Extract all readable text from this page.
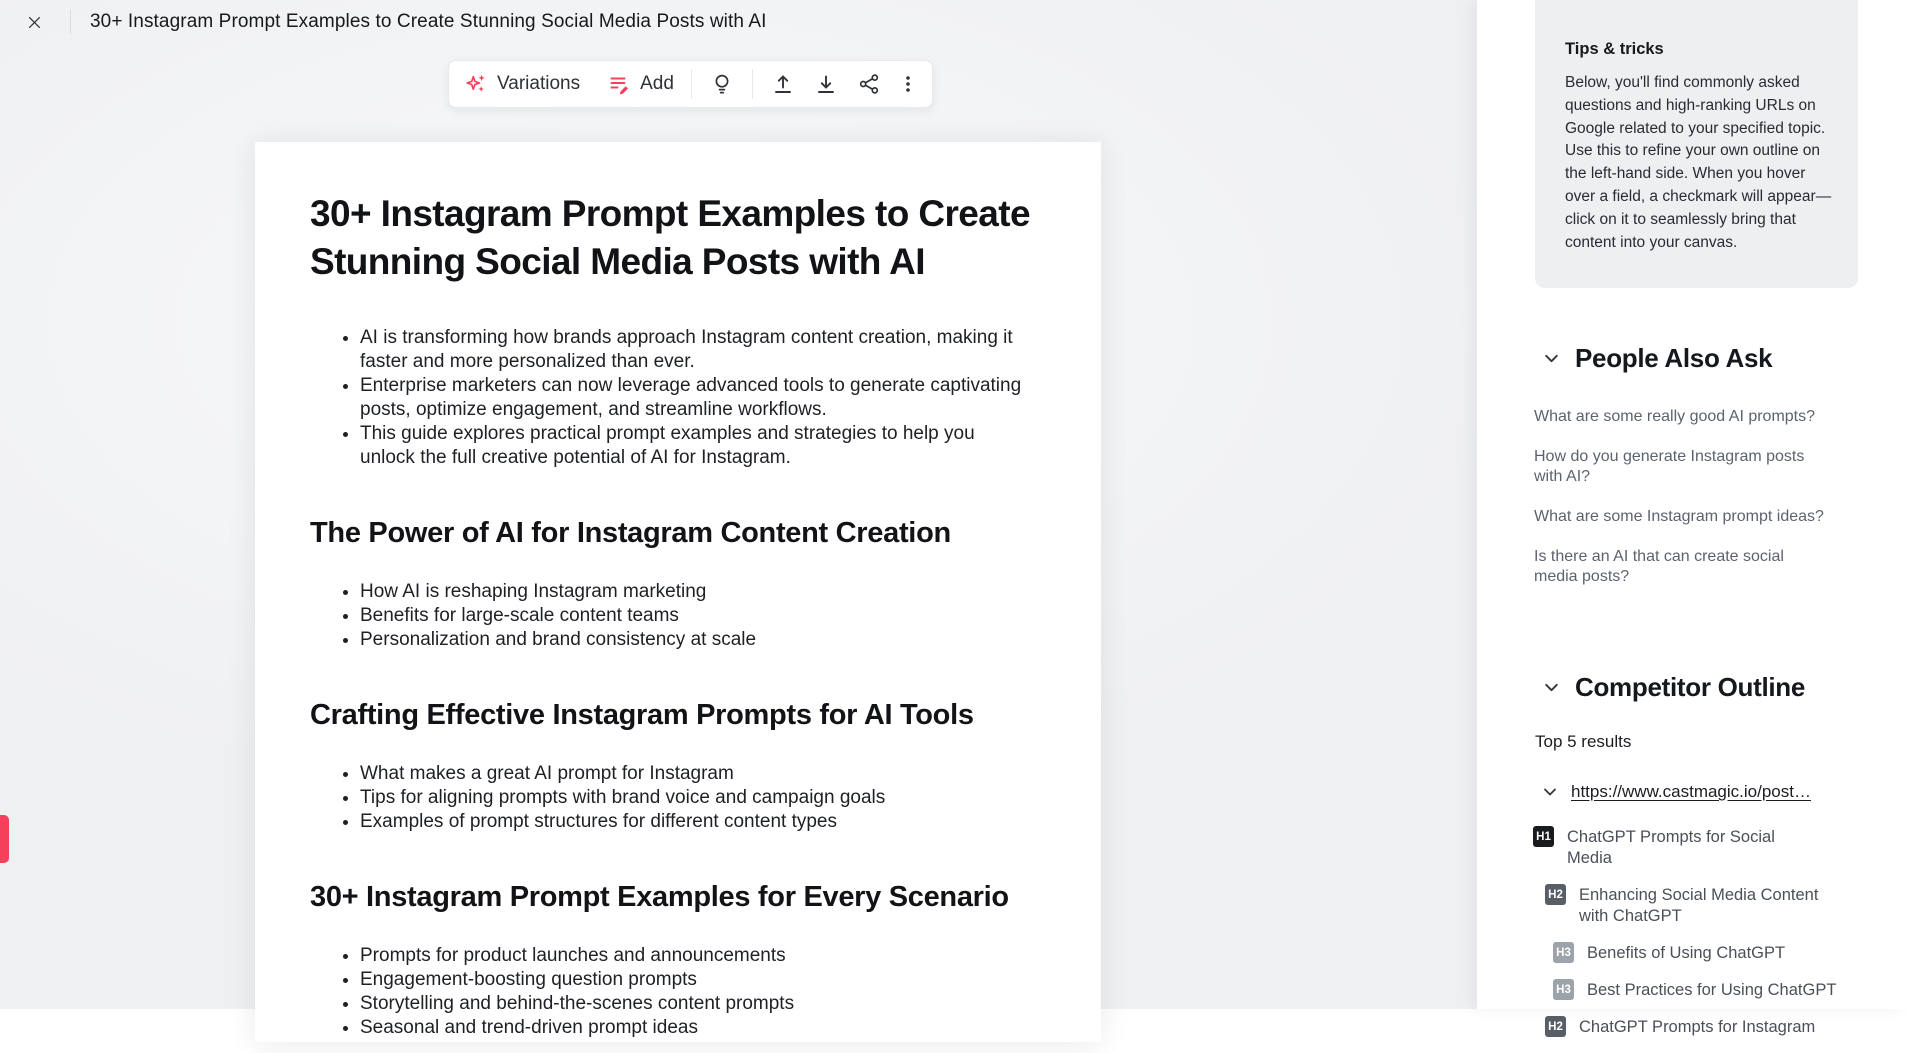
30+ Instagram Prompt Examples to Create Stunning Social Media Posts with AI
Variations	Add
30+ Instagram Prompt Examples to Create Stunning Social Media Posts with AI
AI is transforming how brands approach Instagram content creation, making it faster and more personalized than ever.
Enterprise marketers can now leverage advanced tools to generate captivating posts, optimize engagement, and streamline workflows.
This guide explores practical prompt examples and strategies to help you unlock the full creative potential of AI for Instagram.
The Power of AI for Instagram Content Creation
How AI is reshaping Instagram marketing
Benefits for large-scale content teams
Personalization and brand consistency at scale
Crafting Effective Instagram Prompts for AI Tools
What makes a great AI prompt for Instagram
Tips for aligning prompts with brand voice and campaign goals
Examples of prompt structures for different content types
30+ Instagram Prompt Examples for Every Scenario
Prompts for product launches and announcements
Engagement-boosting question prompts
Storytelling and behind-the-scenes content prompts
Seasonal and trend-driven prompt ideas
Tips & tricks
Below, you'll find commonly asked questions and high-ranking URLs on Google related to your specified topic. Use this to refine your own outline on the left-hand side. When you hover over a field, a checkmark will appear—click on it to seamlessly bring that content into your canvas.
People Also Ask
What are some really good AI prompts?
How do you generate Instagram posts with AI?
What are some Instagram prompt ideas?
Is there an AI that can create social media posts?
Competitor Outline
Top 5 results
https://www.castmagic.io/post…
H1 ChatGPT Prompts for Social Media
H2 Enhancing Social Media Content with ChatGPT
H3 Benefits of Using ChatGPT
H3 Best Practices for Using ChatGPT
H2 ChatGPT Prompts for Instagram
